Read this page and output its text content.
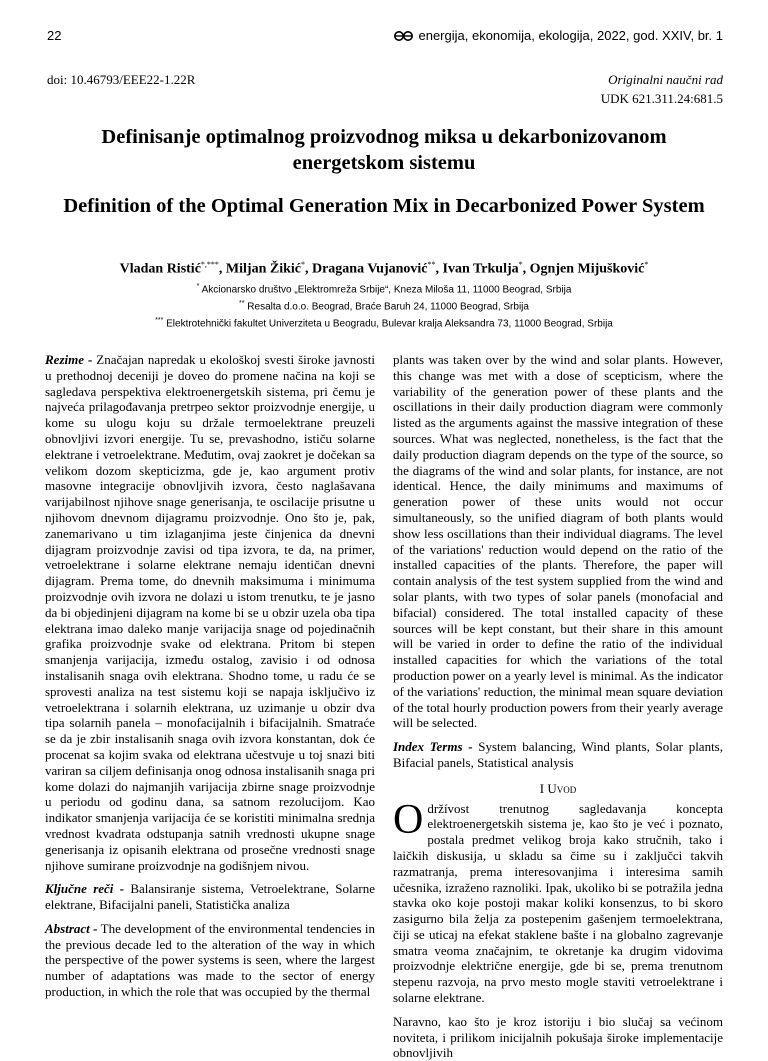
22	energija, ekonomija, ekologija, 2022, god. XXIV, br. 1
doi: 10.46793/EEE22-1.22R	Originalni naučni rad
UDK 621.311.24:681.5
Definisanje optimalnog proizvodnog miksa u dekarbonizovanom energetskom sistemu
Definition of the Optimal Generation Mix in Decarbonized Power System
Vladan Ristić*,***, Miljan Žikić*, Dragana Vujanović**, Ivan Trkulja*, Ognjen Mijušković*
* Akcionarsko društvo „Elektromreža Srbije“, Kneza Miloša 11, 11000 Beograd, Srbija
** Resalta d.o.o. Beograd, Braće Baruh 24, 11000 Beograd, Srbija
*** Elektrotehnički fakultet Univerziteta u Beogradu, Bulevar kralja Aleksandra 73, 11000 Beograd, Srbija

Rezime - Značajan napredak u ekološkoj svesti široke javnosti u prethodnoj deceniji je doveo do promene načina na koji se sagledava perspektiva elektroenergetskih sistema, pri čemu je najveća prilagođavanja pretrpeo sektor proizvodnje energije, u kome su ulogu koju su držale termoelektrane preuzeli obnovljivi izvori energije. Tu se, prevashodno, ističu solarne elektrane i vetroelektrane. Međutim, ovaj zaokret je dočekan sa velikom dozom skepticizma, gde je, kao argument protiv masovne integracije obnovljivih izvora, često naglašavana varijabilnost njihove snage generisanja, te oscilacije prisutne u njihovom dnevnom dijagramu proizvodnje. Ono što je, pak, zanemarivano u tim izlaganjima jeste činjenica da dnevni dijagram proizvodnje zavisi od tipa izvora, te da, na primer, vetroelektrane i solarne elektrane nemaju identičan dnevni dijagram. Prema tome, do dnevnih maksimuma i minimuma proizvodnje ovih izvora ne dolazi u istom trenutku, te je jasno da bi objedinjeni dijagram na kome bi se u obzir uzela oba tipa elektrana imao daleko manje varijacija snage od pojedinačnih grafika proizvodnje svake od elektrana. Pritom bi stepen smanjenja varijacija, između ostalog, zavisio i od odnosa instalisanih snaga ovih elektrana. Shodno tome, u radu će se sprovesti analiza na test sistemu koji se napaja isključivo iz vetroelektrana i solarnih elektrana, uz uzimanje u obzir dva tipa solarnih panela – monofacijalnih i bifacijalnih. Smatraće se da je zbir instalisanih snaga ovih izvora konstantan, dok će procenat sa kojim svaka od elektrana učestvuje u toj snazi biti variran sa ciljem definisanja onog odnosa instalisanih snaga pri kome dolazi do najmanjih varijacija zbirne snage proizvodnje u periodu od godinu dana, sa satnom rezolucijom. Kao indikator smanjenja varijacija će se koristiti minimalna srednja vrednost kvadrata odstupanja satnih vrednosti ukupne snage generisanja iz opisanih elektrana od prosečne vrednosti snage njihove sumirane proizvodnje na godišnjem nivou.

Ključne reči - Balansiranje sistema, Vetroelektrane, Solarne elektrane, Bifacijalni paneli, Statistička analiza

Abstract - The development of the environmental tendencies in the previous decade led to the alteration of the way in which the perspective of the power systems is seen, where the largest number of adaptations was made to the sector of energy production, in which the role that was occupied by the thermal

plants was taken over by the wind and solar plants. However, this change was met with a dose of scepticism, where the variability of the generation power of these plants and the oscillations in their daily production diagram were commonly listed as the arguments against the massive integration of these sources. What was neglected, nonetheless, is the fact that the daily production diagram depends on the type of the source, so the diagrams of the wind and solar plants, for instance, are not identical. Hence, the daily minimums and maximums of generation power of these units would not occur simultaneously, so the unified diagram of both plants would show less oscillations than their individual diagrams. The level of the variations' reduction would depend on the ratio of the installed capacities of the plants. Therefore, the paper will contain analysis of the test system supplied from the wind and solar plants, with two types of solar panels (monofacial and bifacial) considered. The total installed capacity of these sources will be kept constant, but their share in this amount will be varied in order to define the ratio of the individual installed capacities for which the variations of the total production power on a yearly level is minimal. As the indicator of the variations' reduction, the minimal mean square deviation of the total hourly production powers from their yearly average will be selected.

Index Terms - System balancing, Wind plants, Solar plants, Bifacial panels, Statistical analysis

I Uvod

Održívost trenutnog sagledavanja koncepta elektroenergetskih sistema je, kao što je već i poznato, postala predmet velikog broja kako stručnih, tako i laičkih diskusija, u skladu sa čime su i zaključci takvih razmatranja, prema interesovanjima i interesima samih učesnika, izraženo raznoliki. Ipak, ukoliko bi se potražila jedna stavka oko koje postoji makar koliki konsenzus, to bi skoro zasigurno bila želja za postepenim gašenjem termoelektrana, čiji se uticaj na efekat staklene bašte i na globalno zagrevanje smatra veoma značajnim, te okretanje ka drugim vidovima proizvodnje električne energije, gde bi se, prema trenutnom stepenu razvoja, na prvo mesto mogle staviti vetroelektrane i solarne elektrane.

Naravno, kao što je kroz istoriju i bio slučaj sa većinom noviteta, i prilikom inicijalnih pokušaja široke implementacije obnovljivih
